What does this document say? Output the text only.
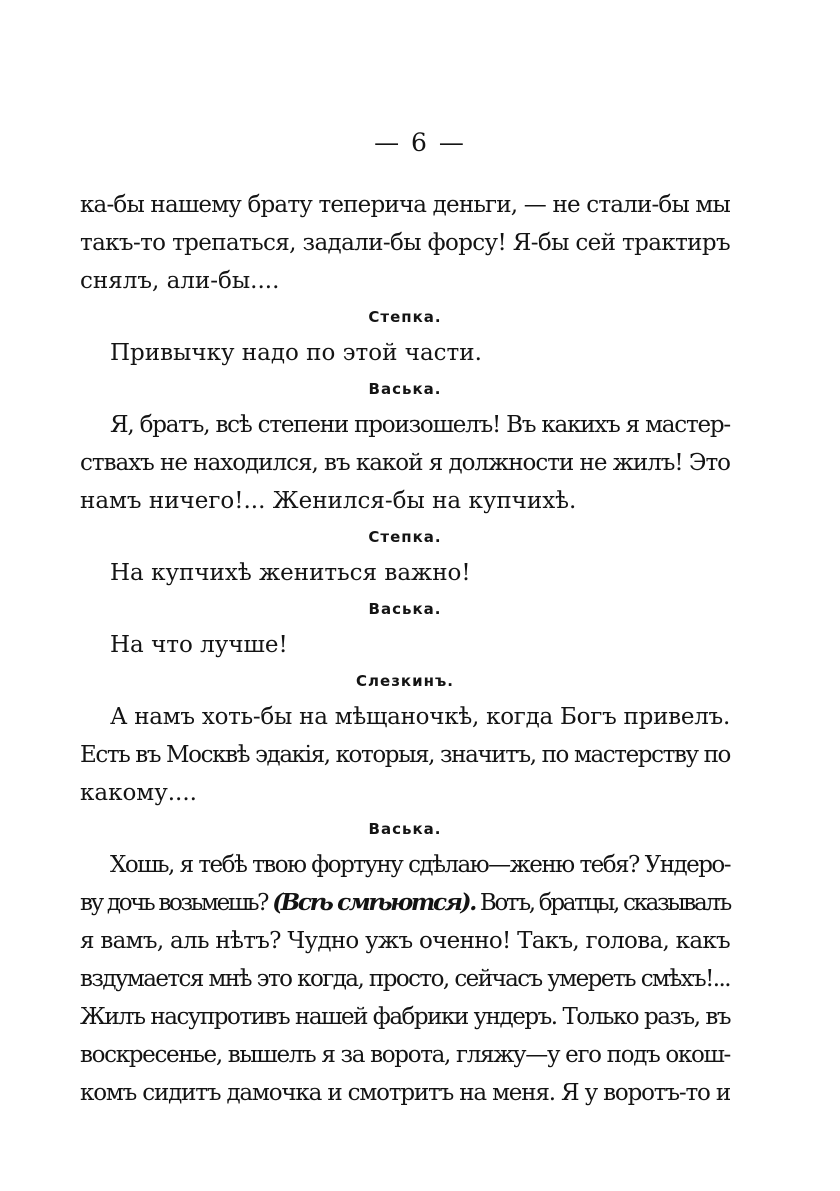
— 6 —
ка-бы нашему брату теперича деньги, — не стали-бы мы
такъ-то трепаться, задали-бы форсу! Я-бы сей трактиръ
снялъ, али-бы....
Степка.
Привычку надо по этой части.
Васька.
Я, братъ, всѣ степени произошелъ! Въ какихъ я мастер-
ствахъ не находился, въ какой я должности не жилъ! Это
намъ ничего!... Женился-бы на купчихѣ.
Степка.
На купчихѣ жениться важно!
Васька.
На что лучше!
Слезкинъ.
А намъ хоть-бы на мѣщаночкѣ, когда Богъ привелъ.
Есть въ Москвѣ эдакія, которыя, значитъ, по мастерству по
какому....
Васька.
Хошь, я тебѣ твою фортуну сдѣлаю—женю тебя? Ундеро-
ву дочь возьмешь? (Всѣ смѣются). Вотъ, братцы, сказывалъ
я вамъ, аль нѣтъ? Чудно ужъ оченно! Такъ, голова, какъ
вздумается мнѣ это когда, просто, сейчасъ умереть смѣхъ!...
Жилъ насупротивъ нашей фабрики ундеръ. Только разъ, въ
воскресенье, вышелъ я за ворота, гляжу—у его подъ окош-
комъ сидитъ дамочка и смотритъ на меня. Я у воротъ-то и
